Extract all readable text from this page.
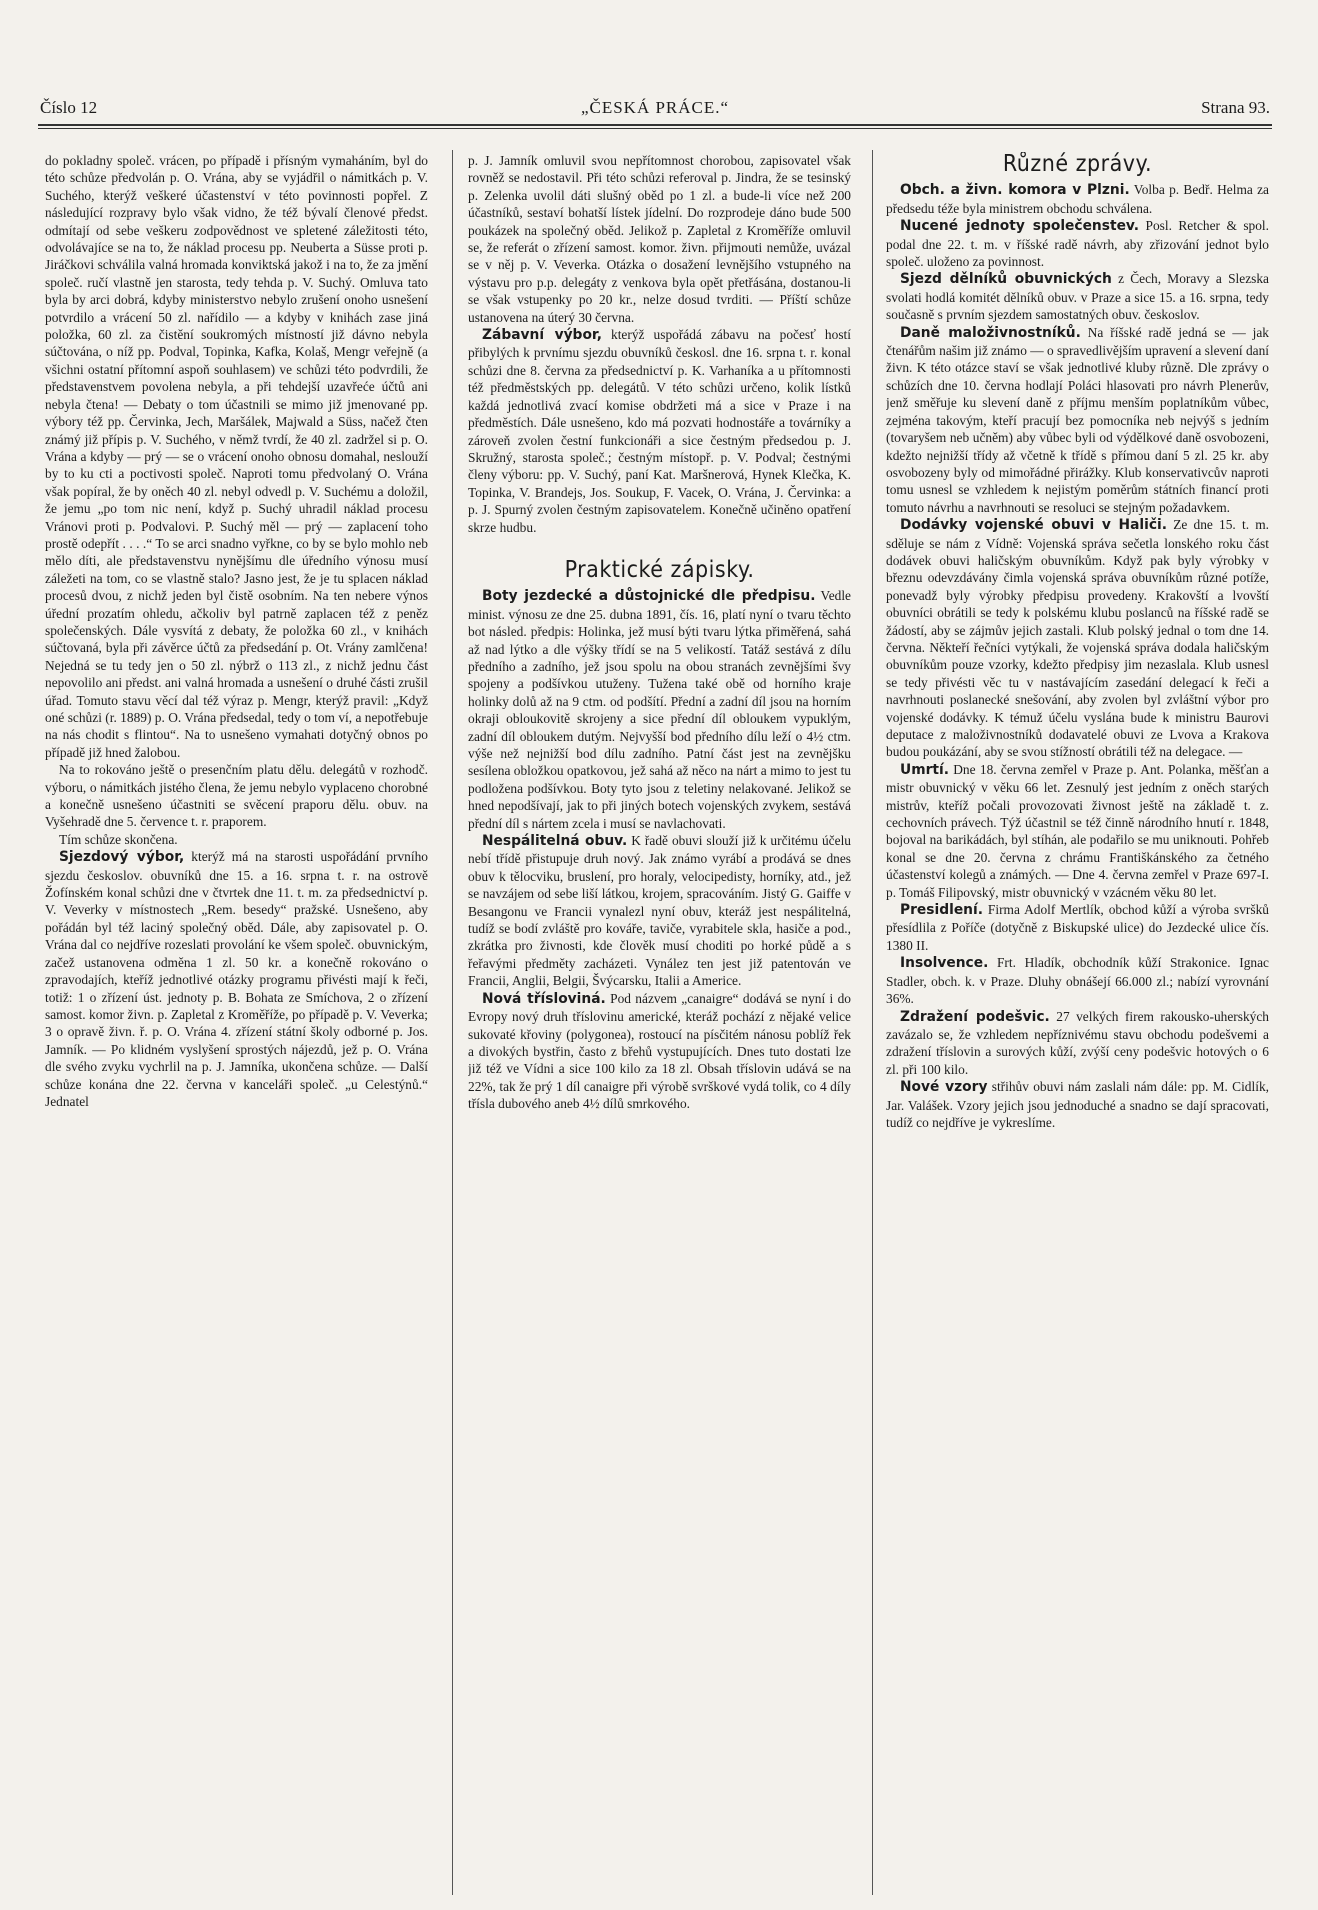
Číslo 12	„ČESKÁ PRÁCE.“	Strana 93.

do pokladny společ. vrácen, po případě i přísným vymaháním, byl do této schůze předvolán p. O. Vrána, aby se vyjádřil o námitkách p. V. Suchého, kterýž veškeré účastenství v této povinnosti popřel. Z následující rozpravy bylo však vidno, že též bývalí členové předst. odmítají od sebe veškeru zodpovědnost ve spletené záležitosti této, odvolávajíce se na to, že náklad procesu pp. Neuberta a Süsse proti p. Jiráčkovi schválila valná hromada konviktská jakož i na to, že za jmění společ. ručí vlastně jen starosta, tedy tehda p. V. Suchý. Omluva tato byla by arci dobrá, kdyby ministerstvo nebylo zrušení onoho usnešení potvrdilo a vrácení 50 zl. nařídilo — a kdyby v knihách zase jiná položka, 60 zl. za čistění soukromých místností již dávno nebyla súčtována, o níž pp. Podval, Topinka, Kafka, Kolaš, Mengr veřejně (a všichni ostatní přítomní aspoň souhlasem) ve schůzi této podvrdili, že představenstvem povolena nebyla, a při tehdejší uzavřeće účtů ani nebyla čtena! — Debaty o tom účastnili se mimo již jmenované pp. výbory též pp. Červinka, Jech, Maršálek, Majwald a Süss, načež čten známý již přípis p. V. Suchého, v němž tvrdí, že 40 zl. zadržel si p. O. Vrána a kdyby — prý — se o vrácení onoho obnosu domahal, neslouží by to ku cti a poctivosti společ. Naproti tomu předvolaný O. Vrána však popíral, že by oněch 40 zl. nebyl odvedl p. V. Suchému a doložil, že jemu „po tom nic není, když p. Suchý uhradil náklad procesu Vránovi proti p. Podvalovi. P. Suchý měl — prý — zaplacení toho prostě odepřít . . . .“ To se arci snadno vyřkne, co by se bylo mohlo neb mělo díti, ale představenstvu nynějšímu dle úředního výnosu musí záležeti na tom, co se vlastně stalo? Jasno jest, že je tu splacen náklad procesů dvou, z nichž jeden byl čistě osobním. Na ten nebere výnos úřední prozatím ohledu, ačkoliv byl patrně zaplacen též z peněz společenských. Dále vysvítá z debaty, že položka 60 zl., v knihách súčtovaná, byla při závěrce účtů za předsedání p. Ot. Vrány zamlčena! Nejedná se tu tedy jen o 50 zl. nýbrž o 113 zl., z nichž jednu část nepovolilo ani předst. ani valná hromada a usnešení o druhé části zrušil úřad. Tomuto stavu věcí dal též výraz p. Mengr, kterýž pravil: „Když oné schůzi (r. 1889) p. O. Vrána předsedal, tedy o tom ví, a nepotřebuje na nás chodit s flintou“. Na to usnešeno vymahati dotyčný obnos po případě již hned žalobou.

Na to rokováno ještě o presenčním platu dělu. delegátů v rozhodč. výboru, o námitkách jistého člena, že jemu nebylo vyplaceno chorobné a konečně usnešeno účastniti se svěcení praporu dělu. obuv. na Vyšehradě dne 5. července t. r. praporem.

Tím schůze skončena.

Sjezdový výbor, kterýž má na starosti uspořádání prvního sjezdu českoslov. obuvníků dne 15. a 16. srpna t. r. na ostrově Žofínském konal schůzi dne v čtvrtek dne 11. t. m. za předsednictví p. V. Veverky v místnostech „Rem. besedy“ pražské. Usnešeno, aby pořádán byl též laciný společný oběd. Dále, aby zapisovatel p. O. Vrána dal co nejdříve rozeslati provolání ke všem společ. obuvnickým, začež ustanovena odměna 1 zl. 50 kr. a konečně rokováno o zpravodajích, kteříž jednotlivé otázky programu přivésti mají k řeči, totiž: 1 o zřízení úst. jednoty p. B. Bohata ze Smíchova, 2 o zřízení samost. komor živn. p. Zapletal z Kroměříže, po případě p. V. Veverka; 3 o opravě živn. ř. p. O. Vrána 4. zřízení státní školy odborné p. Jos. Jamník. — Po klidném vyslyšení sprostých nájezdů, jež p. O. Vrána dle svého zvyku vychrlil na p. J. Jamníka, ukončena schůze. — Další schůze konána dne 22. června v kanceláři společ. „u Celestýnů.“ Jednatel

p. J. Jamník omluvil svou nepřítomnost chorobou, zapisovatel však rovněž se nedostavil. Při této schůzi referoval p. Jindra, že se tesinský p. Zelenka uvolil dáti slušný oběd po 1 zl. a bude-li více než 200 účastníků, sestaví bohatší lístek jídelní. Do rozprodeje dáno bude 500 poukázek na společný oběd. Jelikož p. Zapletal z Kroměříže omluvil se, že referát o zřízení samost. komor. živn. přijmouti nemůže, uvázal se v něj p. V. Veverka. Otázka o dosažení levnějšího vstupného na výstavu pro p.p. delegáty z venkova byla opět přetřásána, dostanou-li se však vstupenky po 20 kr., nelze dosud tvrditi. — Příští schůze ustanovena na úterý 30 června.

Zábavní výbor, kterýž uspořádá zábavu na počesť hostí přibylých k prvnímu sjezdu obuvníků českosl. dne 16. srpna t. r. konal schůzi dne 8. června za předsednictví p. K. Varhaníka a u přítomnosti též předměstských pp. delegátů. V této schůzi určeno, kolik lístků každá jednotlivá zvací komise obdržeti má a sice v Praze i na předměstích. Dále usnešeno, kdo má pozvati hodnostáře a továrníky a zároveň zvolen čestní funkcionáři a sice čestným předsedou p. J. Skružný, starosta společ.; čestným místopř. p. V. Podval; čestnými členy výboru: pp. V. Suchý, paní Kat. Maršnerová, Hynek Klečka, K. Topinka, V. Brandejs, Jos. Soukup, F. Vacek, O. Vrána, J. Červinka: a p. J. Spurný zvolen čestným zapisovatelem. Konečně učiněno opatření skrze hudbu.

Praktické zápisky.

Boty jezdecké a důstojnické dle předpisu. Vedle minist. výnosu ze dne 25. dubna 1891, čís. 16, platí nyní o tvaru těchto bot násled. předpis: Holinka, jež musí býti tvaru lýtka přiměřená, sahá až nad lýtko a dle výšky třídí se na 5 velikostí. Tatáž sestává z dílu předního a zadního, jež jsou spolu na obou stranách zevnějšími švy spojeny a podšívkou utuženy. Tužena také obě od horního kraje holinky dolů až na 9 ctm. od podšítí. Přední a zadní díl jsou na horním okraji obloukovitě skrojeny a sice přední díl obloukem vypuklým, zadní díl obloukem dutým. Nejvyšší bod předního dílu leží o 4½ ctm. výše než nejnižší bod dílu zadního. Patní část jest na zevnějšku sesílena obložkou opatkovou, jež sahá až něco na nárt a mimo to jest tu podložena podšívkou. Boty tyto jsou z teletiny nelakované. Jelikož se hned nepodšívají, jak to při jiných botech vojenských zvykem, sestává přední díl s nártem zcela i musí se navlachovati.

Nespálitelná obuv. K řadě obuvi slouží již k určitému účelu nebí třídě přistupuje druh nový. Jak známo vyrábí a prodává se dnes obuv k tělocviku, bruslení, pro horaly, velocipedisty, horníky, atd., jež se navzájem od sebe liší látkou, krojem, spracováním. Jistý G. Gaiffe v Besangonu ve Francii vynalezl nyní obuv, kteráž jest nespálitelná, tudíž se bodí zvláště pro kováře, taviče, vyrabitele skla, hasiče a pod., zkrátka pro živnosti, kde člověk musí choditi po horké půdě a s řeřavými předměty zacházeti. Vynález ten jest již patentován ve Francii, Anglii, Belgii, Švýcarsku, Italii a Americe.

Nová třísloviná. Pod názvem „canaigre“ dodává se nyní i do Evropy nový druh tříslovinu americké, kteráž pochází z nějaké velice sukovaté křoviny (polygonea), rostoucí na písčitém nánosu poblíž řek a divokých bystřin, často z břehů vystupujících. Dnes tuto dostati lze již též ve Vídni a sice 100 kilo za 18 zl. Obsah tříslovin udává se na 22%, tak že prý 1 díl canaigre při výrobě svrškové vydá tolik, co 4 díly třísla dubového aneb 4½ dílů smrkového.

Různé zprávy.

Obch. a živn. komora v Plzni. Volba p. Bedř. Helma za předsedu téže byla ministrem obchodu schválena.

Nucené jednoty společenstev. Posl. Retcher & spol. podal dne 22. t. m. v říšské radě návrh, aby zřizování jednot bylo společ. uloženo za povinnost.

Sjezd dělníků obuvnických z Čech, Moravy a Slezska svolati hodlá komitét dělníků obuv. v Praze a sice 15. a 16. srpna, tedy současně s prvním sjezdem samostatných obuv. českoslov.

Daně maloživnostníků. Na říšské radě jedná se — jak čtenářům našim již známo — o spravedlivějším upravení a slevení daní živn. K této otázce staví se však jednotlivé kluby různě. Dle zprávy o schůzích dne 10. června hodlají Poláci hlasovati pro návrh Plenerův, jenž směřuje ku slevení daně z příjmu menším poplatníkům vůbec, zejména takovým, kteří pracují bez pomocníka neb nejvýš s jedním (tovaryšem neb učněm) aby vůbec byli od výdělkové daně osvobozeni, kdežto nejnižší třídy až včetně k třídě s přímou daní 5 zl. 25 kr. aby osvobozeny byly od mimořádné přirážky. Klub konservativcův naproti tomu usnesl se vzhledem k nejistým poměrům státních financí proti tomuto návrhu a navrhnouti se resoluci se stejným požadavkem.

Dodávky vojenské obuvi v Haliči. Ze dne 15. t. m. sděluje se nám z Vídně: Vojenská správa sečetla lonského roku část dodávek obuvi haličským obuvníkům. Když pak byly výrobky v březnu odevzdávány čimla vojenská správa obuvníkům různé potíže, ponevadž byly výrobky předpisu provedeny. Krakovští a lvovští obuvníci obrátili se tedy k polskému klubu poslanců na říšské radě se žádostí, aby se zájmův jejich zastali. Klub polský jednal o tom dne 14. června. Někteří řečníci vytýkali, že vojenská správa dodala haličským obuvníkům pouze vzorky, kdežto předpisy jim nezaslala. Klub usnesl se tedy přivésti věc tu v nastávajícím zasedání delegací k řeči a navrhnouti poslanecké snešování, aby zvolen byl zvláštní výbor pro vojenské dodávky. K témuž účelu vyslána bude k ministru Baurovi deputace z maloživnostníků dodavatelé obuvi ze Lvova a Krakova budou poukázání, aby se svou stížností obrátili též na delegace. —

Umrtí. Dne 18. června zemřel v Praze p. Ant. Polanka, měšťan a mistr obuvnický v věku 66 let. Zesnulý jest jedním z oněch starých mistrův, kteříž počali provozovati živnost ještě na základě t. z. cechovních právech. Týž účastnil se též činně národního hnutí r. 1848, bojoval na barikádách, byl stíhán, ale podařilo se mu uniknouti. Pohřeb konal se dne 20. června z chrámu Františkánského za četného účastenství kolegů a známých. — Dne 4. června zemřel v Praze 697-I. p. Tomáš Filipovský, mistr obuvnický v vzácném věku 80 let.

Presidlení. Firma Adolf Mertlík, obchod kůží a výroba svršků přesídlila z Poříče (dotyčně z Biskupské ulice) do Jezdecké ulice čís. 1380 II.

Insolvence. Frt. Hladík, obchodník kůží Strakonice. Ignac Stadler, obch. k. v Praze. Dluhy obnášejí 66.000 zl.; nabízí vyrovnání 36%.

Zdražení podešvic. 27 velkých firem rakousko-uherských zavázalo se, že vzhledem nepříznivému stavu obchodu podešvemi a zdražení tříslovin a surových kůží, zvýší ceny podešvic hotových o 6 zl. při 100 kilo.

Nové vzory střihův obuvi nám zaslali nám dále: pp. M. Cidlík, Jar. Valášek. Vzory jejich jsou jednoduché a snadno se dají spracovati, tudíž co nejdříve je vykreslíme.
